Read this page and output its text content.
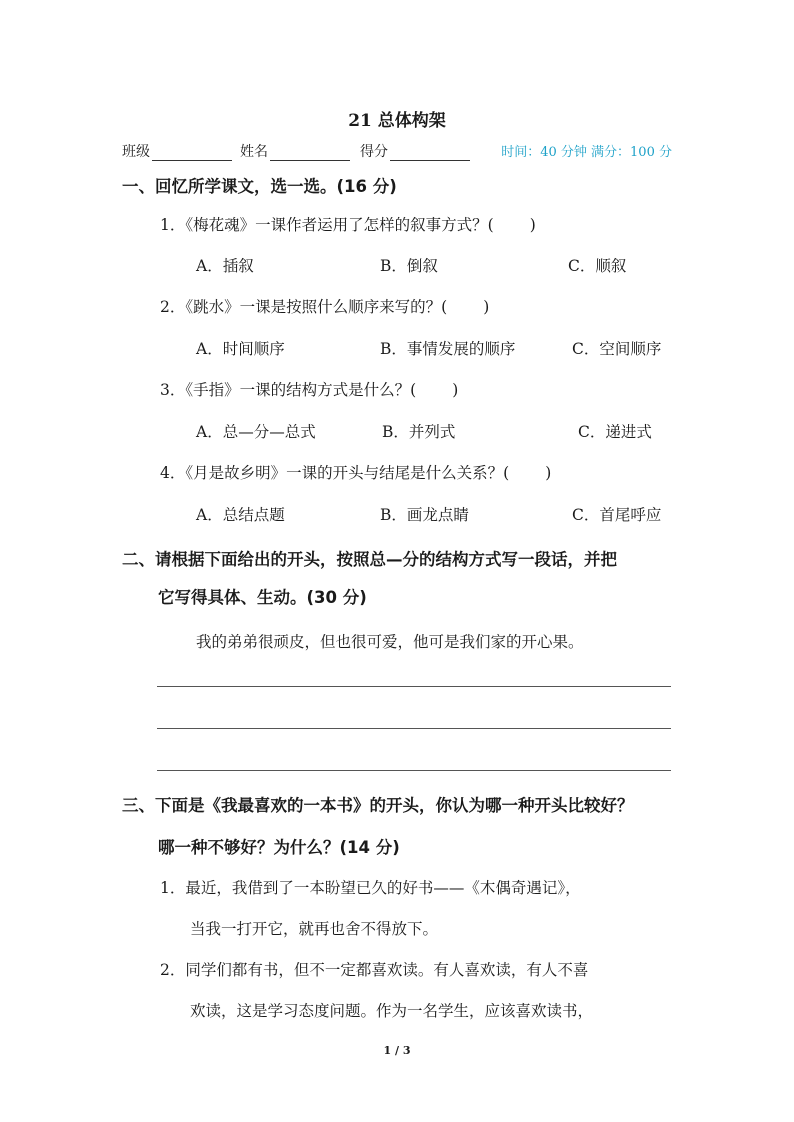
21 总体构架
班级	姓名	得分	时间：40 分钟 满分：100 分
一、回忆所学课文，选一选。(16 分)
1．《梅花魂》一课作者运用了怎样的叙事方式？( )
A．插叙	B．倒叙	C．顺叙
2．《跳水》一课是按照什么顺序来写的？( )
A．时间顺序	B．事情发展的顺序	C．空间顺序
3．《手指》一课的结构方式是什么？( )
A．总—分—总式	B．并列式	C．递进式
4．《月是故乡明》一课的开头与结尾是什么关系？( )
A．总结点题	B．画龙点睛	C．首尾呼应
二、请根据下面给出的开头，按照总—分的结构方式写一段话，并把
它写得具体、生动。(30 分)
我的弟弟很顽皮，但也很可爱，他可是我们家的开心果。
三、下面是《我最喜欢的一本书》的开头，你认为哪一种开头比较好？
哪一种不够好？为什么？(14 分)
1．最近，我借到了一本盼望已久的好书——《木偶奇遇记》，
当我一打开它，就再也舍不得放下。
2．同学们都有书，但不一定都喜欢读。有人喜欢读，有人不喜
欢读，这是学习态度问题。作为一名学生，应该喜欢读书，
1 / 3
